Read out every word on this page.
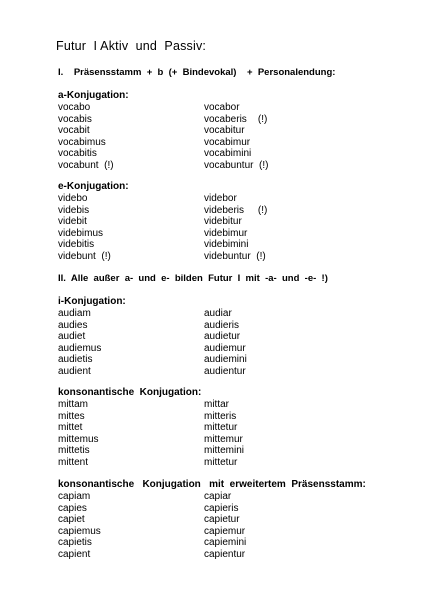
Futur  I Aktiv  und  Passiv:
I.    Präsensstamm  +  b  (+  Bindevokal)    +  Personalendung:
a-Konjugation:
vocabo	vocabor
vocabis	vocaberis    (!)
vocabit	vocabitur
vocabimus	vocabimur
vocabitis	vocabimini
vocabunt  (!)	vocabuntur  (!)
e-Konjugation:
videbo	videbor
videbis	videberis     (!)
videbit	videbitur
videbimus	videbimur
videbitis	videbimini
videbunt  (!)	videbuntur  (!)
II.  Alle  außer  a-  und  e-  bilden  Futur  I  mit  -a-  und  -e-  !)
i-Konjugation:
audiam	audiar
audies	audieris
audiet	audietur
audiemus	audiemur
audietis	audiemini
audient	audientur
konsonantische  Konjugation:
mittam	mittar
mittes	mitteris
mittet	mittetur
mittemus	mittemur
mittetis	mittemini
mittent	mittetur
konsonantische   Konjugation   mit  erweitertem  Präsensstamm:
capiam	capiar
capies	capieris
capiet	capietur
capiemus	capiemur
capietis	capiemini
capient	capientur
